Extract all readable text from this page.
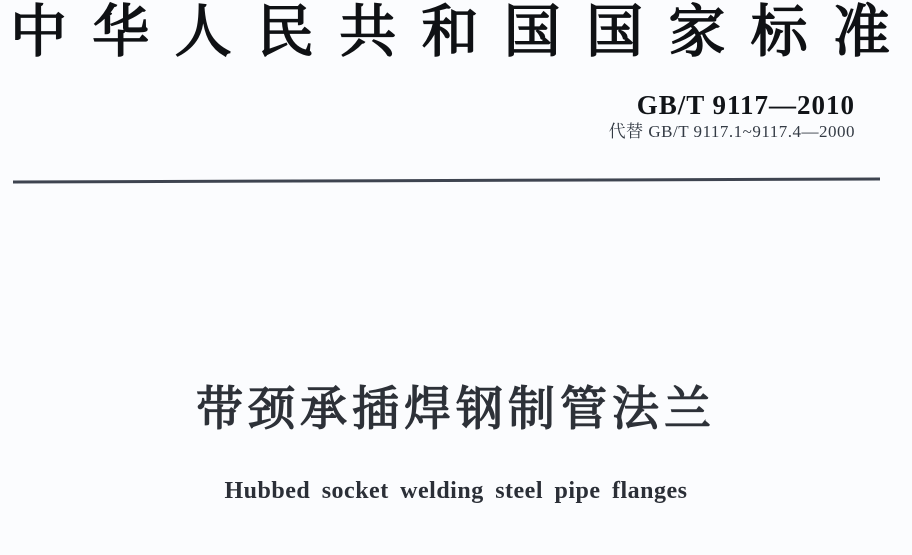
中 华 人 民 共 和 国 国 家 标 准
GB/T 9117—2010
代替 GB/T 9117.1~9117.4—2000
带颈承插焊钢制管法兰
Hubbed socket welding steel pipe flanges
